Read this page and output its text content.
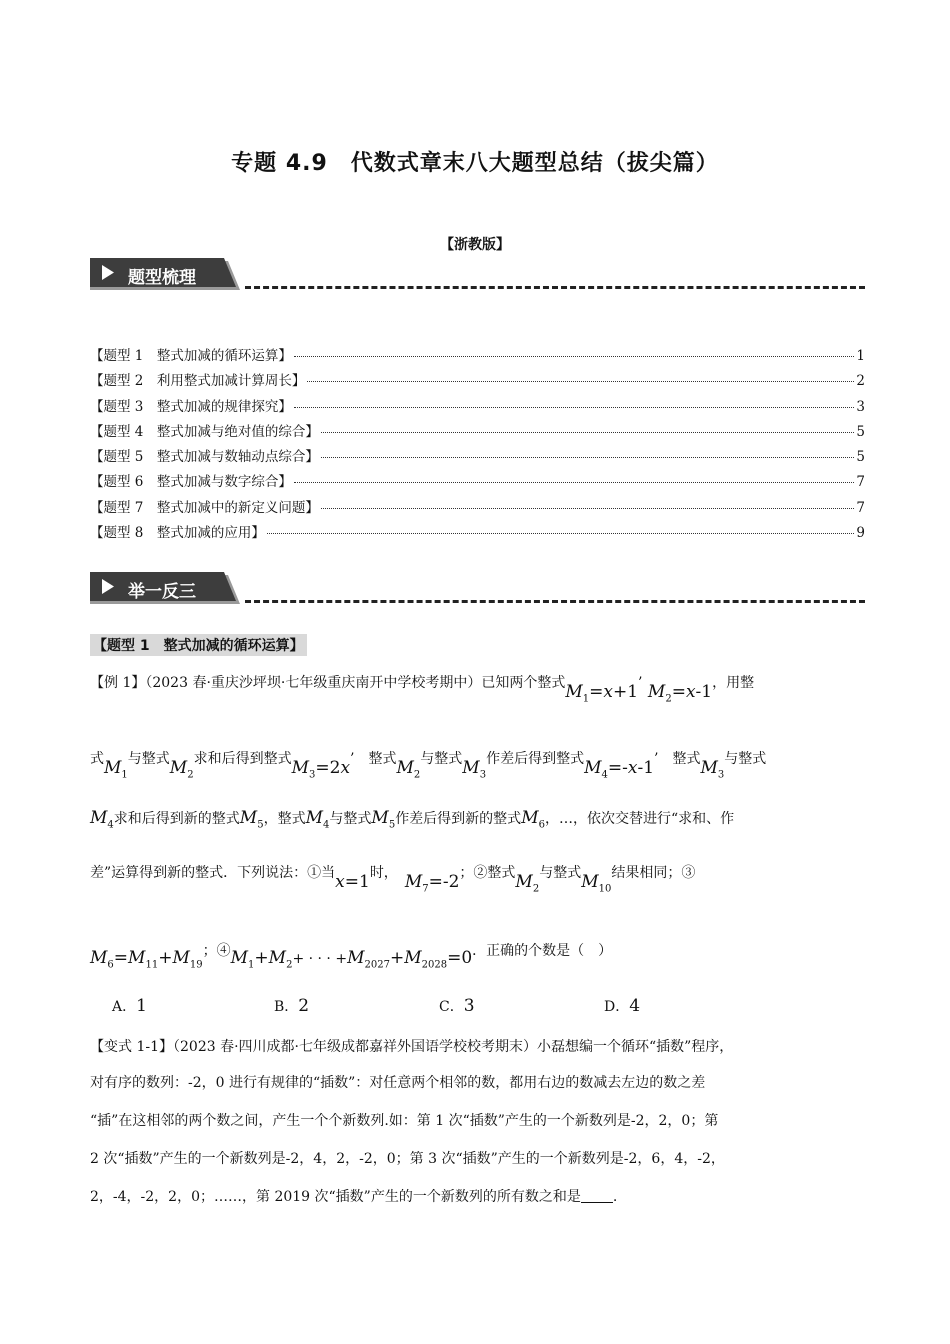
专题 4.9　代数式章末八大题型总结（拔尖篇）
【浙教版】
题型梳理
【题型 1　整式加减的循环运算】	1
【题型 2　利用整式加减计算周长】	2
【题型 3　整式加减的规律探究】	3
【题型 4　整式加减与绝对值的综合】	5
【题型 5　整式加减与数轴动点综合】	5
【题型 6　整式加减与数字综合】	7
【题型 7　整式加减中的新定义问题】	7
【题型 8　整式加减的应用】	9
举一反三
【题型 1　整式加减的循环运算】
【例 1】（2023 春·重庆沙坪坝·七年级重庆南开中学校考期中）已知两个整式$M_1=x+1$’ $M_2=x-1$，用整
式$M_1$与整式$M_2$求和后得到整式$M_3=2x$’　整式$M_2$与整式$M_3$作差后得到整式$M_4=-x-1$’　整式$M_3$与整式
$M_4$求和后得到新的整式$M_5$，整式$M_4$与整式$M_5$作差后得到新的整式$M_6$，…，依次交替进行“求和、作
差”运算得到新的整式．下列说法：①当x=1时，　 $M_7=-2$；②整式$M_2$与整式$M_{10}$结果相同；③
$M_6=M_{11}+M_{19}$；$④M_1+M_2+$ · · · $+M_{2027}+M_{2028}=0$．正确的个数是（　）
A．1	B．2	C．3	D．4
【变式 1-1】（2023 春·四川成都·七年级成都嘉祥外国语学校校考期末）小磊想编一个循环“插数”程序，
对有序的数列：-2，0 进行有规律的“插数”：对任意两个相邻的数，都用右边的数减去左边的数之差
“插”在这相邻的两个数之间，产生一个个新数列.如：第 1 次“插数”产生的一个新数列是-2，2，0；第
2 次“插数”产生的一个新数列是-2，4，2，-2，0；第 3 次“插数”产生的一个新数列是-2，6，4，-2，
2，-4，-2，2，0；……，第 2019 次“插数”产生的一个新数列的所有数之和是 .
